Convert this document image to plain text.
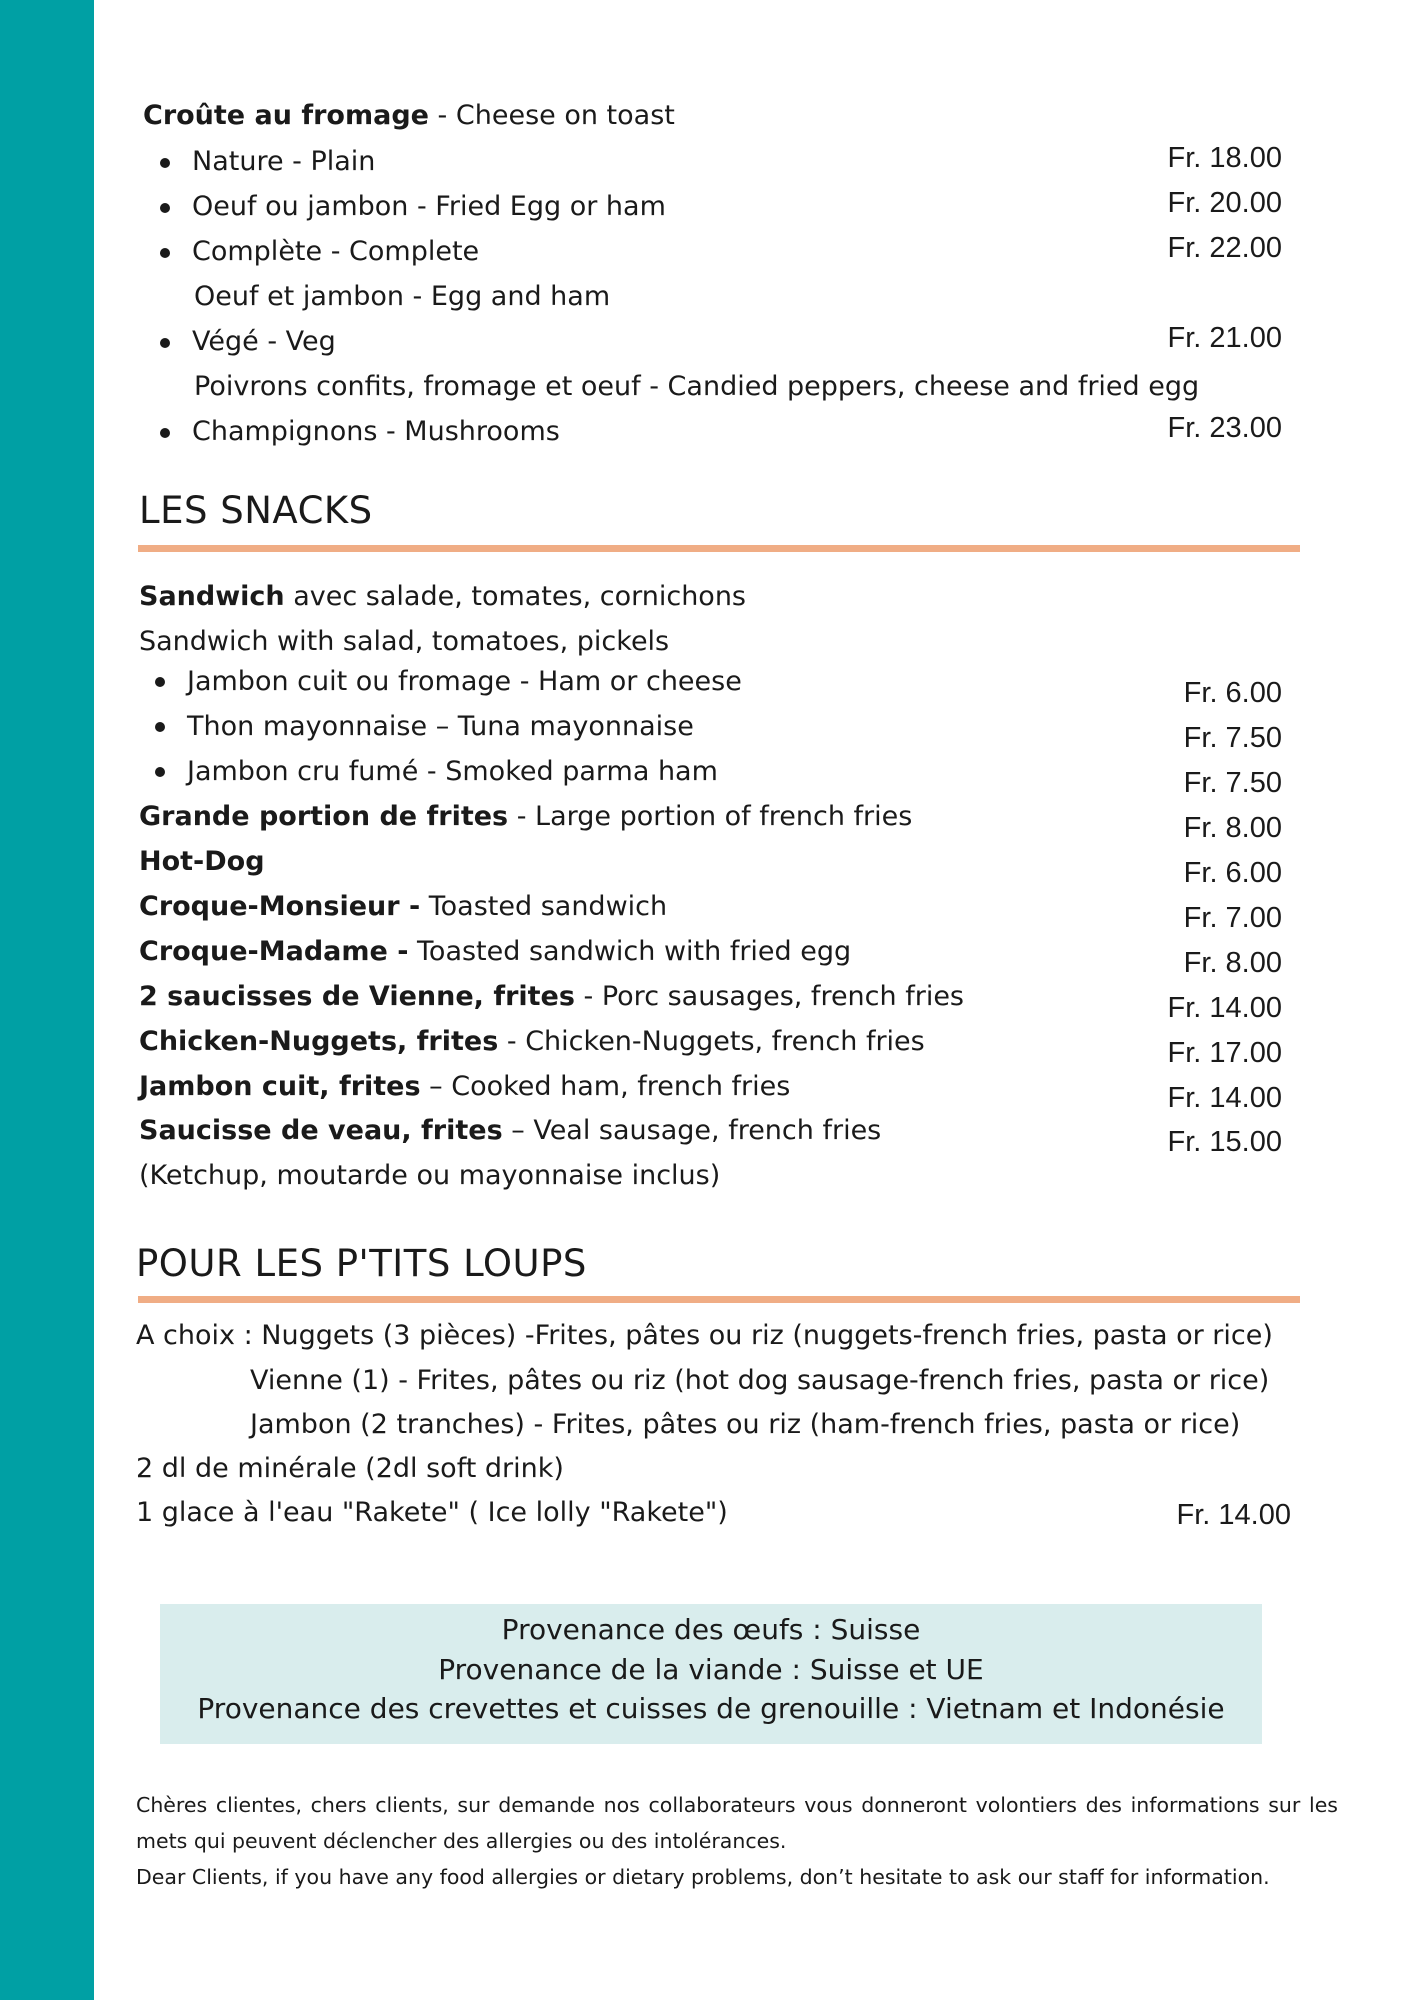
Croûte au fromage - Cheese on toast
Nature - Plain	Fr. 18.00
Oeuf ou jambon - Fried Egg or ham	Fr. 20.00
Complète - Complete	Fr. 22.00
Oeuf et jambon - Egg and ham
Végé - Veg	Fr. 21.00
Poivrons confits, fromage et oeuf - Candied peppers, cheese and fried egg
Champignons - Mushrooms	Fr. 23.00
LES SNACKS
Sandwich avec salade, tomates, cornichons
Sandwich with salad, tomatoes, pickels
Jambon cuit ou fromage - Ham or cheese	Fr. 6.00
Thon mayonnaise – Tuna mayonnaise	Fr. 7.50
Jambon cru fumé - Smoked parma ham	Fr. 7.50
Grande portion de frites - Large portion of french fries	Fr. 8.00
Hot-Dog	Fr. 6.00
Croque-Monsieur - Toasted sandwich	Fr. 7.00
Croque-Madame - Toasted sandwich with fried egg	Fr. 8.00
2 saucisses de Vienne, frites - Porc sausages, french fries	Fr. 14.00
Chicken-Nuggets, frites - Chicken-Nuggets, french fries	Fr. 17.00
Jambon cuit, frites – Cooked ham, french fries	Fr. 14.00
Saucisse de veau, frites – Veal sausage, french fries	Fr. 15.00
(Ketchup, moutarde ou mayonnaise inclus)
POUR LES P'TITS LOUPS
A choix : Nuggets (3 pièces) -Frites, pâtes ou riz (nuggets-french fries, pasta or rice)
Vienne (1) - Frites, pâtes ou riz (hot dog sausage-french fries, pasta or rice)
Jambon (2 tranches) - Frites, pâtes ou riz (ham-french fries, pasta or rice)
2 dl de minérale (2dl soft drink)
1 glace à l'eau "Rakete" ( Ice lolly "Rakete")	Fr. 14.00
Provenance des œufs : Suisse
Provenance de la viande : Suisse et UE
Provenance des crevettes et cuisses de grenouille : Vietnam et Indonésie
Chères clientes, chers clients, sur demande nos collaborateurs vous donneront volontiers des informations sur les mets qui peuvent déclencher des allergies ou des intolérances.
Dear Clients, if you have any food allergies or dietary problems, don’t hesitate to ask our staff for information.
